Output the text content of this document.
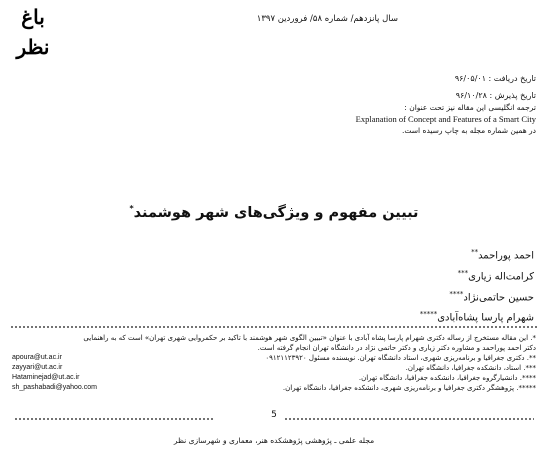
سال پانزدهم/ شماره ۵۸/ فروردین ۱۳۹۷
باغ نظر
تاریخ دریافت : ۹۶/۰۵/۰۱
تاریخ پذیرش : ۹۶/۱۰/۲۸
ترجمه انگلیسی این مقاله نیز تحت عنوان :
Explanation of Concept and Features of a Smart City
در همین شماره مجله به چاپ رسیده است.
تبیین مفهوم و ویژگی‌های شهر هوشمند*
احمد پوراحمد**
کرامت‌اله زیاری***
حسین حاتمی‌نژاد****
شهرام پارسا پشاه‌آبادی*****
*. این مقاله مستخرج از رساله دکتری شهرام پارسا پشاه آبادی با عنوان «تبیین الگوی شهر هوشمند با تاکید بر حکمروایی شهری تهران» است که به راهنمایی
دکتر احمد پوراحمد و مشاوره دکتر زیاری و دکتر حاتمی نژاد در دانشگاه تهران انجام گرفته است.
**. دکتری جغرافیا و برنامه‌ریزی شهری، استاد دانشگاه تهران. نویسنده مسئول ۰۹۱۲۱۱۲۳۹۲۰
apoura@ut.ac.ir
***. استاد، دانشکده جغرافیا، دانشگاه تهران.
zayyari@ut.ac.ir
****. دانشیارگروه جغرافیا، دانشکده جغرافیا، دانشگاه تهران.
Hataminejad@ut.ac.ir
*****. پژوهشگر دکتری جغرافیا و برنامه‌ریزی شهری، دانشکده جغرافیا، دانشگاه تهران.
sh_pashabadi@yahoo.com
5
مجله علمی ـ پژوهشی پژوهشکده هنر، معماری و شهرسازی نظر
